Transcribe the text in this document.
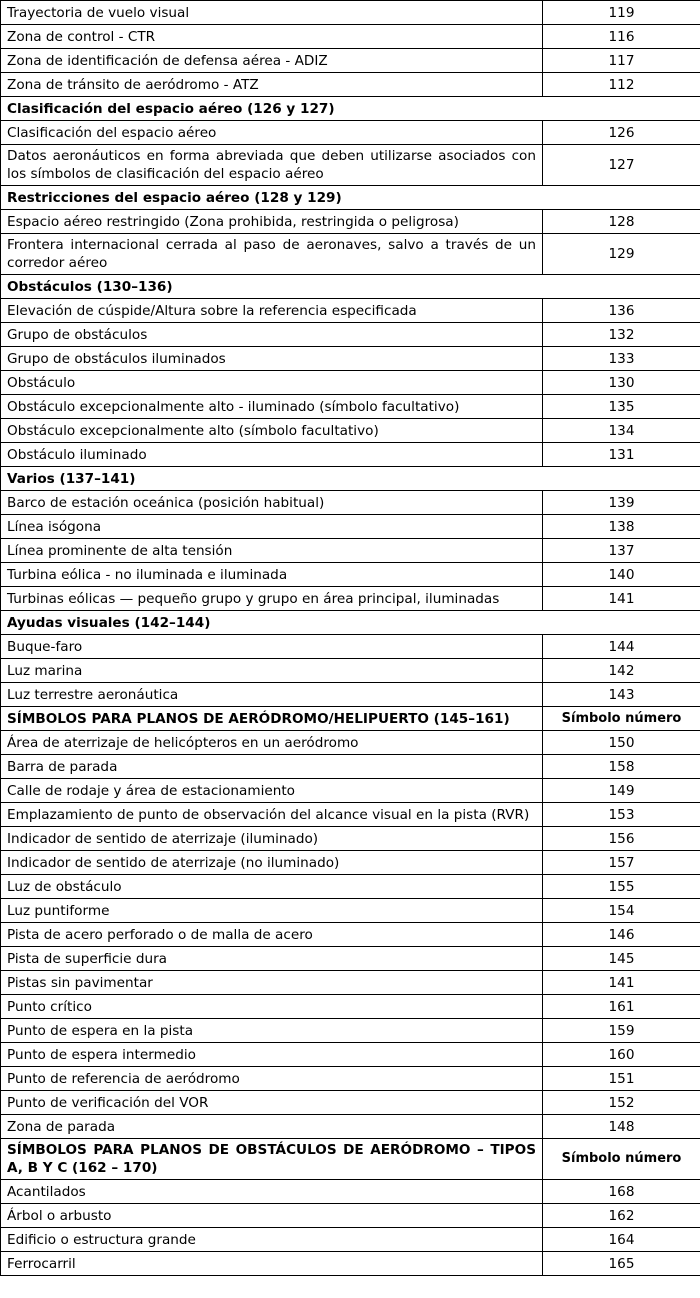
Trayectoria de vuelo visual	119
Zona de control - CTR	116
Zona de identificación de defensa aérea - ADIZ	117
Zona de tránsito de aeródromo - ATZ	112
Clasificación del espacio aéreo (126 y 127)	
Clasificación del espacio aéreo	126
Datos aeronáuticos en forma abreviada que deben utilizarse asociados con los símbolos de clasificación del espacio aéreo	127
Restricciones del espacio aéreo (128 y 129)	
Espacio aéreo restringido (Zona prohibida, restringida o peligrosa)	128
Frontera internacional cerrada al paso de aeronaves, salvo a través de un corredor aéreo	129
Obstáculos (130–136)	
Elevación de cúspide/Altura sobre la referencia especificada	136
Grupo de obstáculos	132
Grupo de obstáculos iluminados	133
Obstáculo	130
Obstáculo excepcionalmente alto - iluminado (símbolo facultativo)	135
Obstáculo excepcionalmente alto (símbolo facultativo)	134
Obstáculo iluminado	131
Varios (137–141)	
Barco de estación oceánica (posición habitual)	139
Línea isógona	138
Línea prominente de alta tensión	137
Turbina eólica - no iluminada e iluminada	140
Turbinas eólicas — pequeño grupo y grupo en área principal, iluminadas	141
Ayudas visuales (142–144)	
Buque-faro	144
Luz marina	142
Luz terrestre aeronáutica	143
SÍMBOLOS PARA PLANOS DE AERÓDROMO/HELIPUERTO (145–161)	Símbolo número
Área de aterrizaje de helicópteros en un aeródromo	150
Barra de parada	158
Calle de rodaje y área de estacionamiento	149
Emplazamiento de punto de observación del alcance visual en la pista (RVR)	153
Indicador de sentido de aterrizaje (iluminado)	156
Indicador de sentido de aterrizaje (no iluminado)	157
Luz de obstáculo	155
Luz puntiforme	154
Pista de acero perforado o de malla de acero	146
Pista de superficie dura	145
Pistas sin pavimentar	141
Punto crítico	161
Punto de espera en la pista	159
Punto de espera intermedio	160
Punto de referencia de aeródromo	151
Punto de verificación del VOR	152
Zona de parada	148
SÍMBOLOS PARA PLANOS DE OBSTÁCULOS DE AERÓDROMO – TIPOS A, B Y C (162 – 170)	Símbolo número
Acantilados	168
Árbol o arbusto	162
Edificio o estructura grande	164
Ferrocarril	165
